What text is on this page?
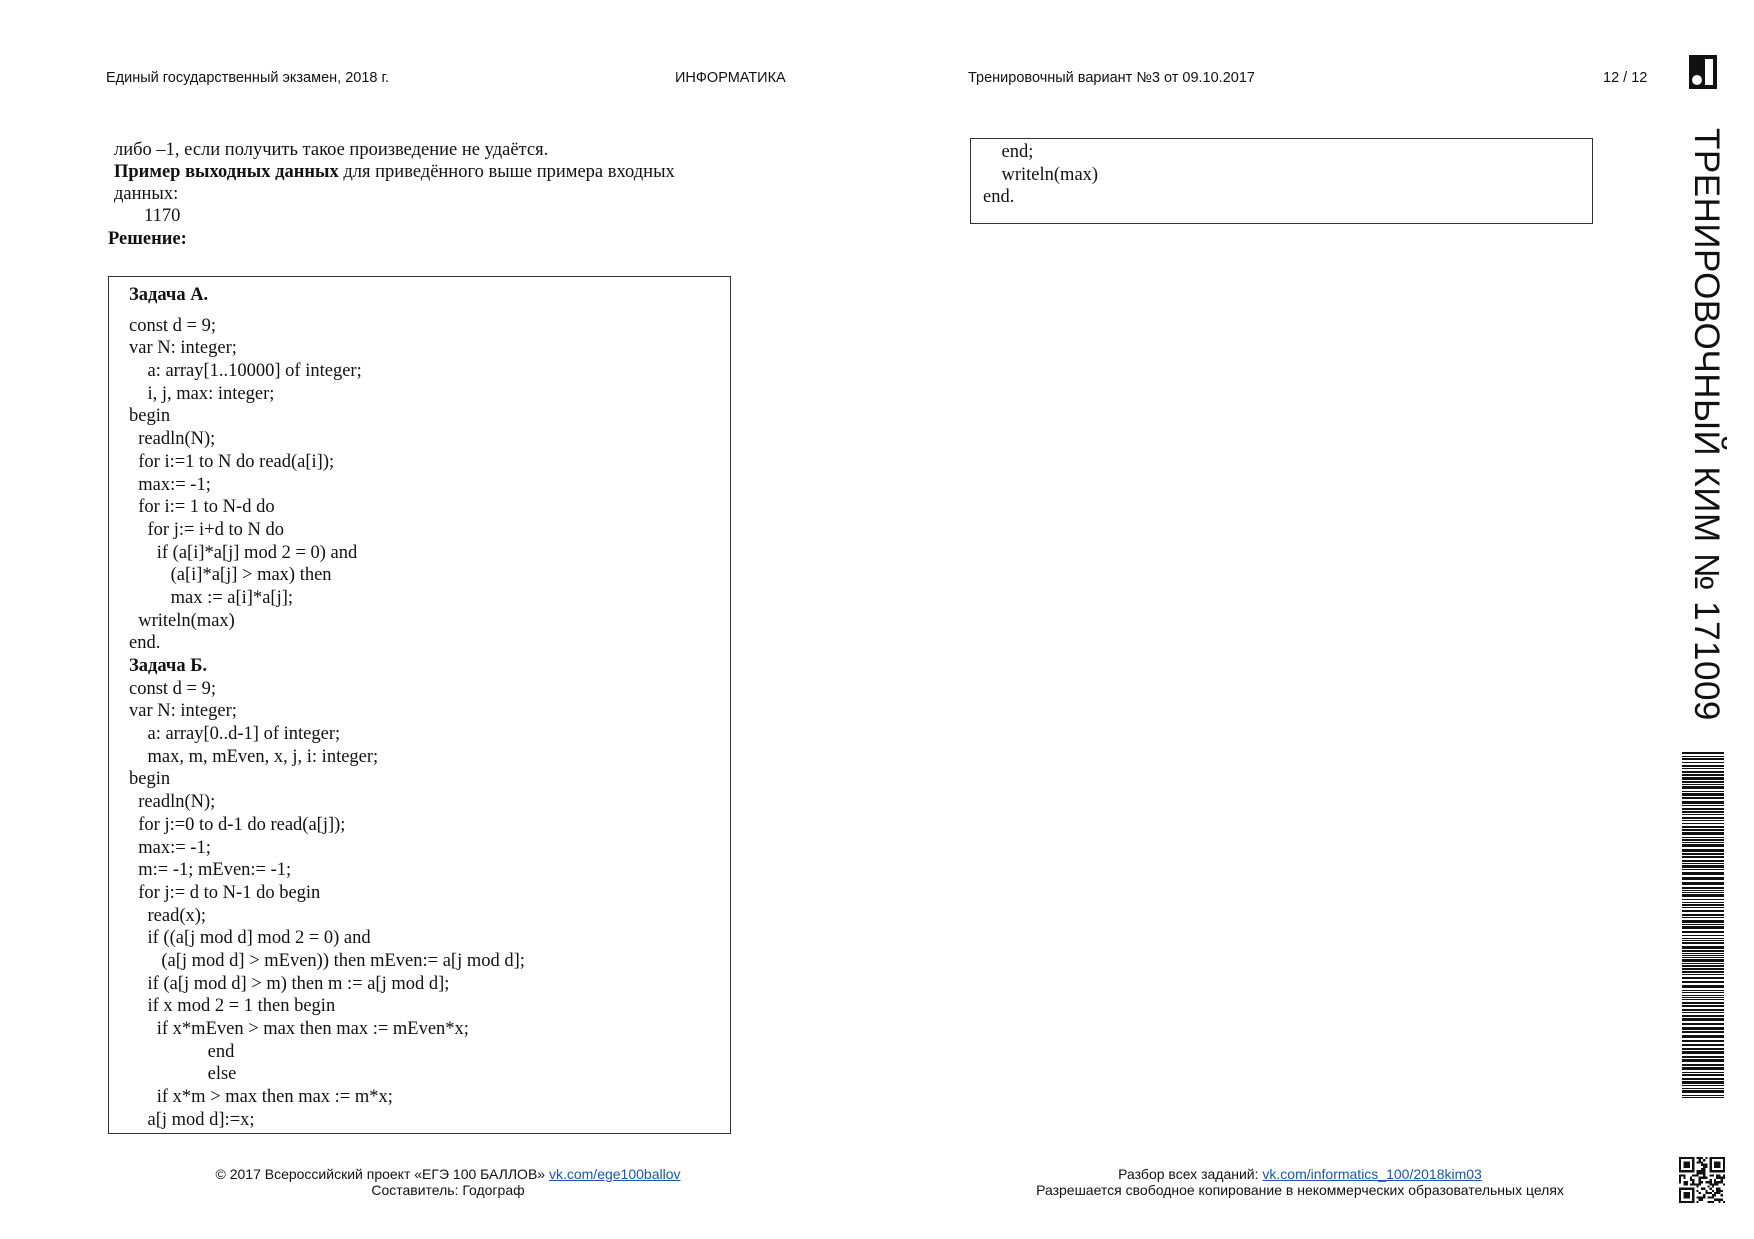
Единый государственный экзамен, 2018 г.	ИНФОРМАТИКА	Тренировочный вариант №3 от 09.10.2017	12 / 12
либо –1, если получить такое произведение не удаётся.
Пример выходных данных для приведённого выше примера входных
данных:
1170
Решение:
Задача А.
const d = 9;
var N: integer;
a: array[1..10000] of integer;
i, j, max: integer;
begin
readln(N);
for i:=1 to N do read(a[i]);
max:= -1;
for i:= 1 to N-d do
for j:= i+d to N do
if (a[i]*a[j] mod 2 = 0) and
(a[i]*a[j] > max) then
max := a[i]*a[j];
writeln(max)
end.
Задача Б.
const d = 9;
var N: integer;
a: array[0..d-1] of integer;
max, m, mEven, x, j, i: integer;
begin
readln(N);
for j:=0 to d-1 do read(a[j]);
max:= -1;
m:= -1; mEven:= -1;
for j:= d to N-1 do begin
read(x);
if ((a[j mod d] mod 2 = 0) and
(a[j mod d] > mEven)) then mEven:= a[j mod d];
if (a[j mod d] > m) then m := a[j mod d];
if x mod 2 = 1 then begin
if x*mEven > max then max := mEven*x;
end
else
if x*m > max then max := m*x;
a[j mod d]:=x;
end;
writeln(max)
end.
© 2017 Всероссийский проект «ЕГЭ 100 БАЛЛОВ» vk.com/ege100ballov
Составитель: Годограф
Разбор всех заданий: vk.com/informatics_100/2018kim03
Разрешается свободное копирование в некоммерческих образовательных целях
ТРЕНИРОВОЧНЫЙ КИМ № 171009
